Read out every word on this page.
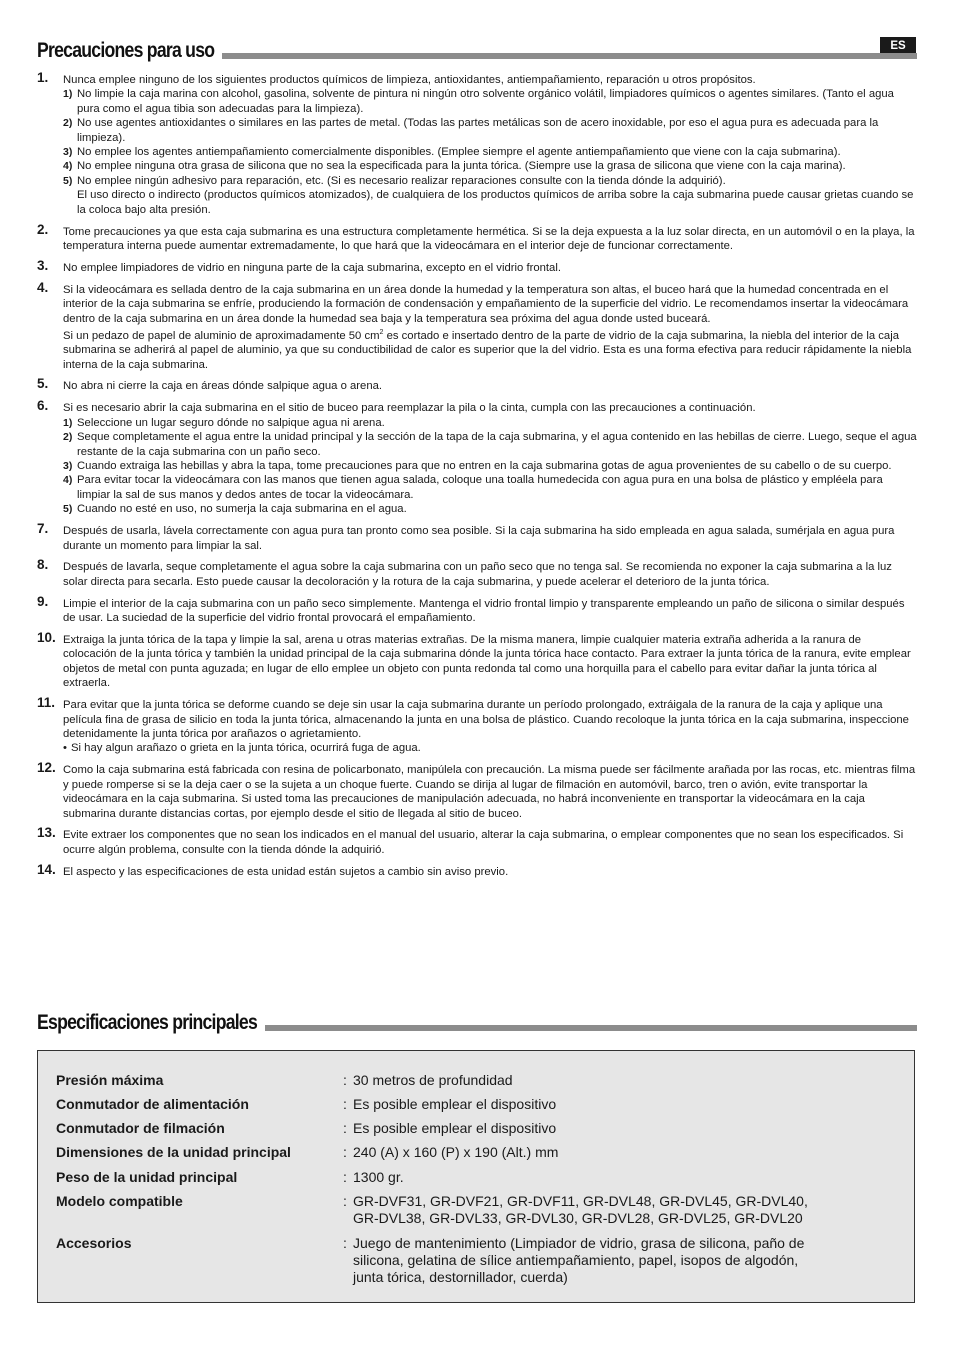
ES
Precauciones para uso
1. Nunca emplee ninguno de los siguientes productos químicos de limpieza, antioxidantes, antiempañamiento, reparación u otros propósitos.

1) No limpie la caja marina con alcohol, gasolina, solvente de pintura ni ningún otro solvente orgánico volátil, limpiadores químicos o agentes similares. (Tanto el agua pura como el agua tibia son adecuadas para la limpieza).
2) No use agentes antioxidantes o similares en las partes de metal. (Todas las partes metálicas son de acero inoxidable, por eso el agua pura es adecuada para la limpieza).
3) No emplee los agentes antiempañamiento comercialmente disponibles. (Emplee siempre el agente antiempañamiento que viene con la caja submarina).
4) No emplee ninguna otra grasa de silicona que no sea la especificada para la junta tórica. (Siempre use la grasa de silicona que viene con la caja marina).
5) No emplee ningún adhesivo para reparación, etc. (Si es necesario realizar reparaciones consulte con la tienda dónde la adquirió).

El uso directo o indirecto (productos químicos atomizados), de cualquiera de los productos químicos de arriba sobre la caja submarina puede causar grietas cuando se la coloca bajo alta presión.

2. Tome precauciones ya que esta caja submarina es una estructura completamente hermética. Si se la deja expuesta a la luz solar directa, en un automóvil o en la playa, la temperatura interna puede aumentar extremadamente, lo que hará que la videocámara en el interior deje de funcionar correctamente.

3. No emplee limpiadores de vidrio en ninguna parte de la caja submarina, excepto en el vidrio frontal.

4. Si la videocámara es sellada dentro de la caja submarina en un área donde la humedad y la temperatura son altas, el buceo hará que la humedad concentrada en el interior de la caja submarina se enfríe, produciendo la formación de condensación y empañamiento de la superficie del vidrio. Le recomendamos insertar la videocámara dentro de la caja submarina en un área donde la humedad sea baja y la temperatura sea próxima del agua donde usted buceará.

Si un pedazo de papel de aluminio de aproximadamente 50 $cm^2$ es cortado e insertado dentro de la parte de vidrio de la caja submarina, la niebla del interior de la caja submarina se adherirá al papel de aluminio, ya que su conductibilidad de calor es superior que la del vidrio. Esta es una forma efectiva para reducir rápidamente la niebla interna de la caja submarina.

5. No abra ni cierre la caja en áreas dónde salpique agua o arena.

6. Si es necesario abrir la caja submarina en el sitio de buceo para reemplazar la pila o la cinta, cumpla con las precauciones a continuación.

1) Seleccione un lugar seguro dónde no salpique agua ni arena.
2) Seque completamente el agua entre la unidad principal y la sección de la tapa de la caja submarina, y el agua contenido en las hebillas de cierre. Luego, seque el agua restante de la caja submarina con un paño seco.
3) Cuando extraiga las hebillas y abra la tapa, tome precauciones para que no entren en la caja submarina gotas de agua provenientes de su cabello o de su cuerpo.
4) Para evitar tocar la videocámara con las manos que tienen agua salada, coloque una toalla humedecida con agua pura en una bolsa de plástico y empléela para limpiar la sal de sus manos y dedos antes de tocar la videocámara.
5) Cuando no esté en uso, no sumerja la caja submarina en el agua.
7. Después de usarla, lávela correctamente con agua pura tan pronto como sea posible. Si la caja submarina ha sido empleada en agua salada, sumérjala en agua pura durante un momento para limpiar la sal.

8. Después de lavarla, seque completamente el agua sobre la caja submarina con un paño seco que no tenga sal. Se recomienda no exponer la caja submarina a la luz solar directa para secarla. Esto puede causar la decoloración y la rotura de la caja submarina, y puede acelerar el deterioro de la junta tórica.

9. Limpie el interior de la caja submarina con un paño seco simplemente. Mantenga el vidrio frontal limpio y transparente empleando un paño de silicona o similar después de usar. La suciedad de la superficie del vidrio frontal provocará el empañamiento.

10. Extraiga la junta tórica de la tapa y limpie la sal, arena u otras materias extrañas. De la misma manera, limpie cualquier materia extraña adherida a la ranura de colocación de la junta tórica y también la unidad principal de la caja submarina dónde la junta tórica hace contacto. Para extraer la junta tórica de la ranura, evite emplear objetos de metal con punta aguzada; en lugar de ello emplee un objeto con punta redonda tal como una horquilla para el cabello para evitar dañar la junta tórica al extraerla.

11. Para evitar que la junta tórica se deforme cuando se deje sin usar la caja submarina durante un período prolongado, extráigala de la ranura de la caja y aplique una película fina de grasa de silicio en toda la junta tórica, almacenando la junta en una bolsa de plástico. Cuando recoloque la junta tórica en la caja submarina, inspeccione detenidamente la junta tórica por arañazos o agrietamiento.

• Si hay algun arañazo o grieta en la junta tórica, ocurrirá fuga de agua.
12. Como la caja submarina está fabricada con resina de policarbonato, manipúlela con precaución. La misma puede ser fácilmente arañada por las rocas, etc. mientras filma y puede romperse si se la deja caer o se la sujeta a un choque fuerte. Cuando se dirija al lugar de filmación en automóvil, barco, tren o avión, evite transportar la videocámara en la caja submarina. Si usted toma las precauciones de manipulación adecuada, no habrá inconveniente en transportar la videocámara en la caja submarina durante distancias cortas, por ejemplo desde el sitio de llegada al sitio de buceo.

13. Evite extraer los componentes que no sean los indicados en el manual del usuario, alterar la caja submarina, o emplear componentes que no sean los especificados. Si ocurre algún problema, consulte con la tienda dónde la adquirió.

14. El aspecto y las especificaciones de esta unidad están sujetos a cambio sin aviso previo.

Especificaciones principales
Presión máxima	: 30 metros de profundidad
Conmutador de alimentación	: Es posible emplear el dispositivo
Conmutador de filmación	: Es posible emplear el dispositivo
Dimensiones de la unidad principal	: 240 (A) x 160 (P) x 190 (Alt.) mm
Peso de la unidad principal	: 1300 gr.
Modelo compatible	: GR-DVF31, GR-DVF21, GR-DVF11, GR-DVL48, GR-DVL45, GR-DVL40,
GR-DVL38, GR-DVL33, GR-DVL30, GR-DVL28, GR-DVL25, GR-DVL20
Accesorios	: Juego de mantenimiento (Limpiador de vidrio, grasa de silicona, paño de
silicona, gelatina de sílice antiempañamiento, papel, isopos de algodón,
junta tórica, destornillador, cuerda)
